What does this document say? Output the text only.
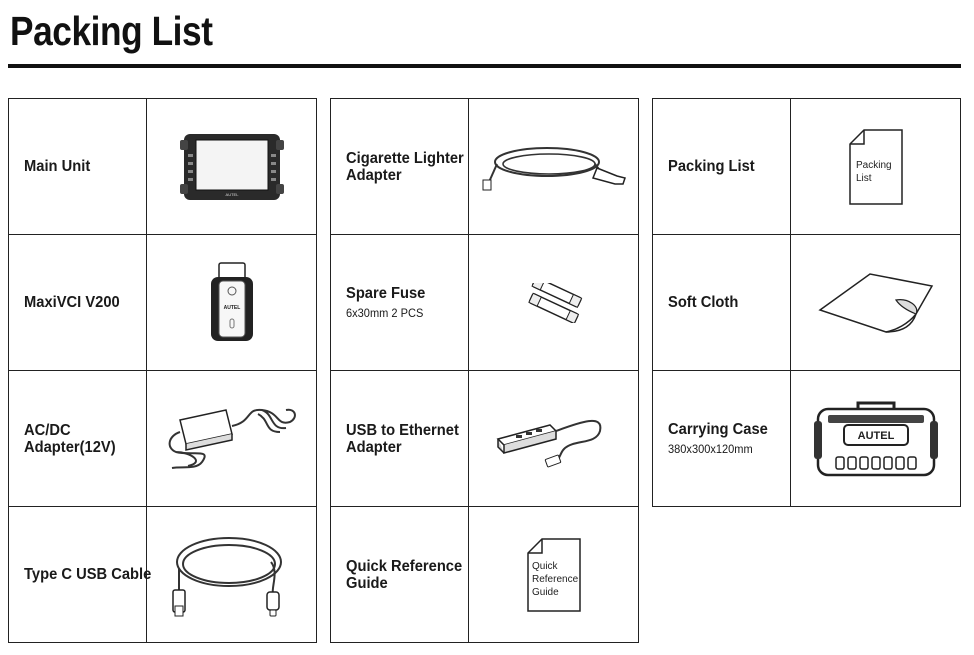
Packing List
Main Unit
AUTEL
MaxiVCI V200	AUTEL
AC/DC
Adapter(12V)
Type C USB Cable
Cigarette Lighter
Adapter
Spare Fuse
6x30mm 2 PCS
USB to Ethernet
Adapter
Quick Reference
Guide
Quick
Reference
Guide
Packing List	Packing
List
Soft Cloth
Carrying Case
380x300x120mm
AUTEL
